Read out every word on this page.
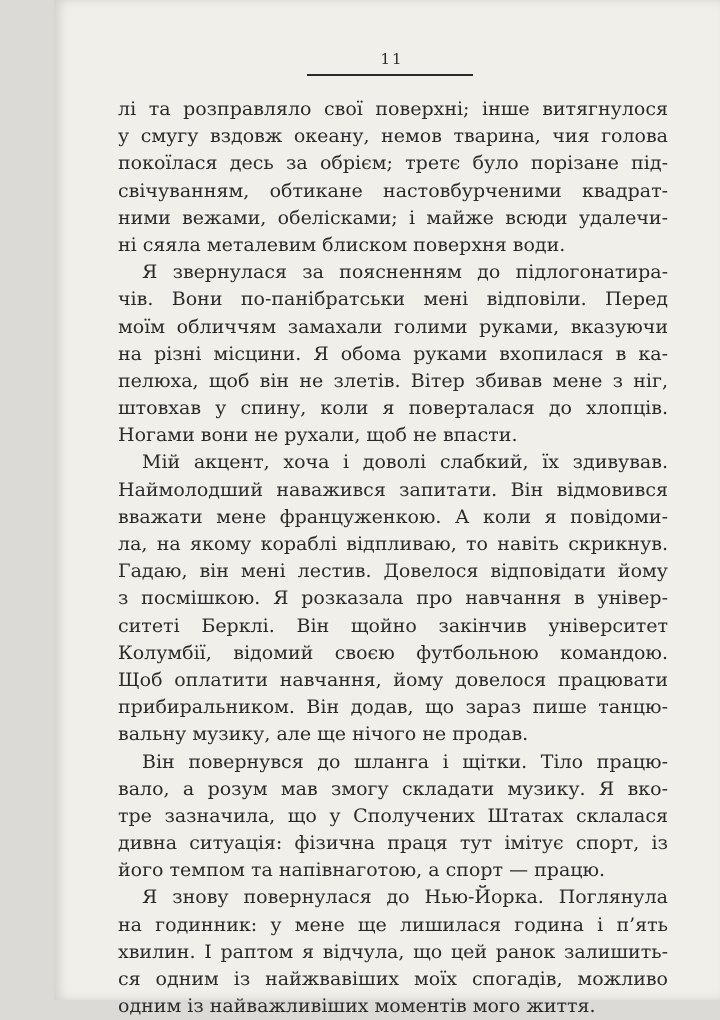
11
лі та розправляло свої поверхні; інше витягнулося
у смугу вздовж океану, немов тварина, чия голова
покоїлася десь за обрієм; третє було порізане під-
свічуванням, обтикане настовбурченими квадрат-
ними вежами, обелісками; і майже всюди удалечи-
ні сяяла металевим блиском поверхня води.
Я звернулася за поясненням до підлогонатира-
чів. Вони по-панібратськи мені відповіли. Перед
моїм обличчям замахали голими руками, вказуючи
на різні місцини. Я обома руками вхопилася в ка-
пелюха, щоб він не злетів. Вітер збивав мене з ніг,
штовхав у спину, коли я поверталася до хлопців.
Ногами вони не рухали, щоб не впасти.
Мій акцент, хоча і доволі слабкий, їх здивував.
Наймолодший наважився запитати. Він відмовився
вважати мене француженкою. А коли я повідоми-
ла, на якому кораблі відпливаю, то навіть скрикнув.
Гадаю, він мені лестив. Довелося відповідати йому
з посмішкою. Я розказала про навчання в універ-
ситеті Берклі. Він щойно закінчив університет
Колумбії, відомий своєю футбольною командою.
Щоб оплатити навчання, йому довелося працювати
прибиральником. Він додав, що зараз пише танцю-
вальну музику, але ще нічого не продав.
Він повернувся до шланга і щітки. Тіло працю-
вало, а розум мав змогу складати музику. Я вко-
тре зазначила, що у Сполучених Штатах склалася
дивна ситуація: фізична праця тут імітує спорт, із
його темпом та напівнаготою, а спорт — працю.
Я знову повернулася до Нью-Йорка. Поглянула
на годинник: у мене ще лишилася година і п’ять
хвилин. І раптом я відчула, що цей ранок залишить-
ся одним із найжвавіших моїх спогадів, можливо
одним із найважливіших моментів мого життя.
